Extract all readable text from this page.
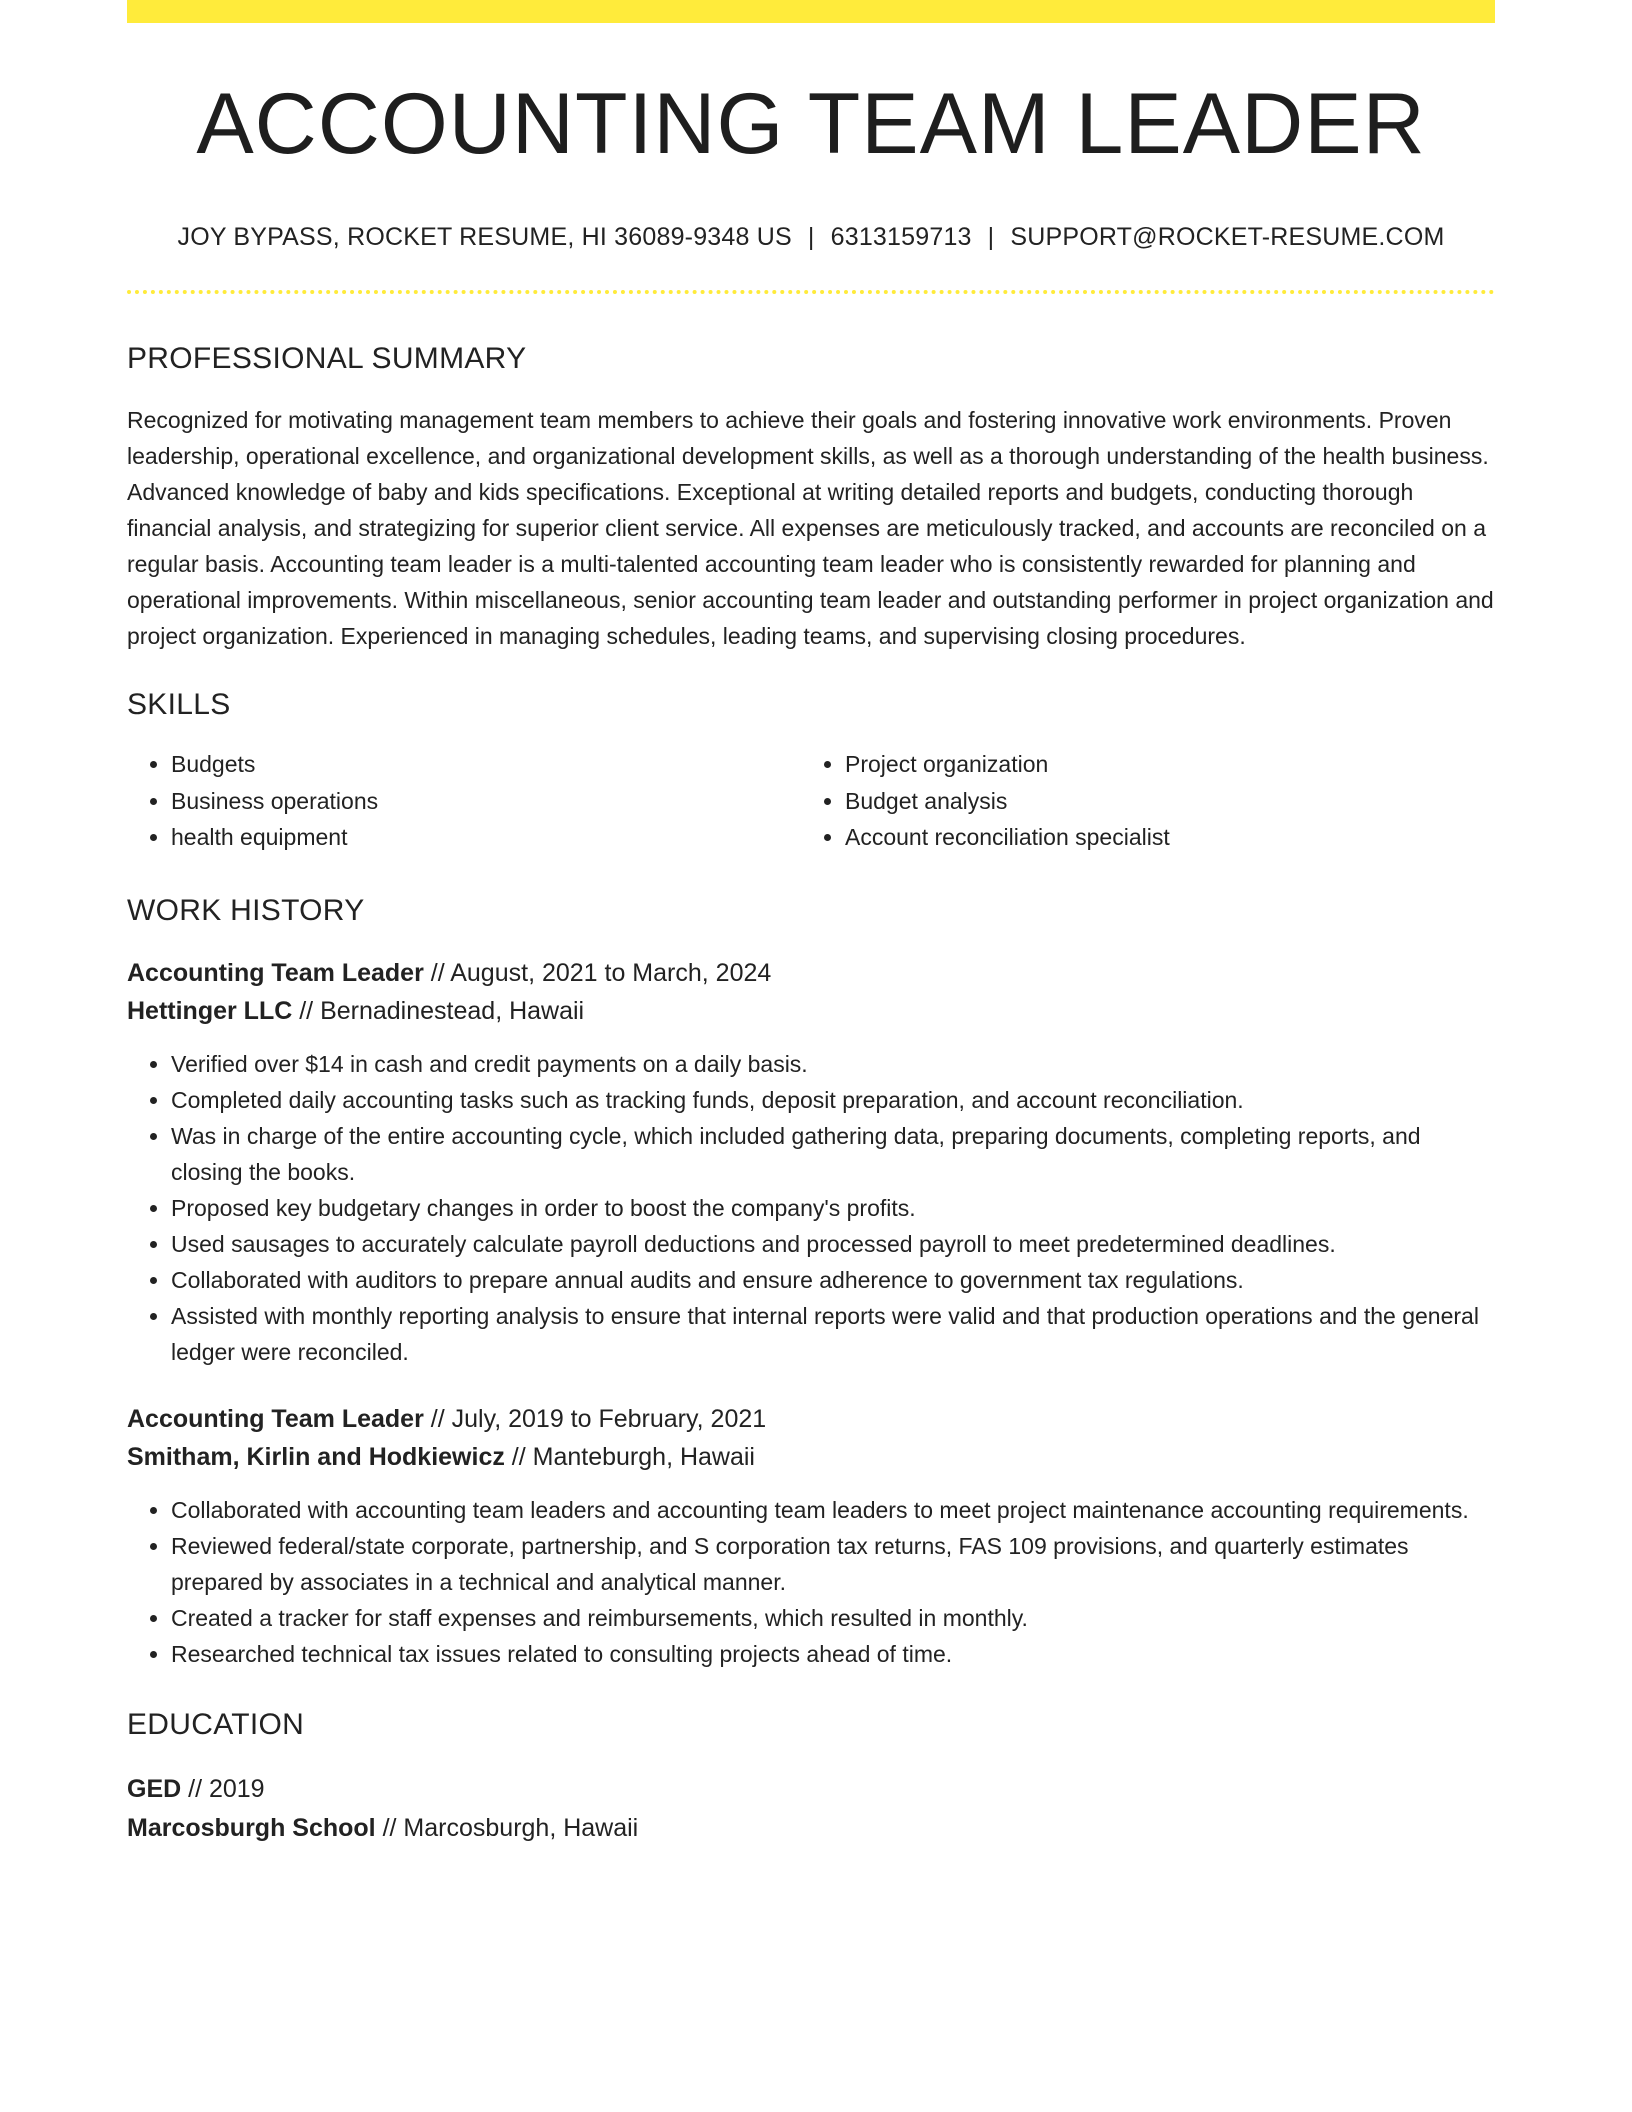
ACCOUNTING TEAM LEADER
JOY BYPASS, ROCKET RESUME, HI 36089-9348 US | 6313159713 | SUPPORT@ROCKET-RESUME.COM
PROFESSIONAL SUMMARY

Recognized for motivating management team members to achieve their goals and fostering innovative work environments. Proven leadership, operational excellence, and organizational development skills, as well as a thorough understanding of the health business. Advanced knowledge of baby and kids specifications. Exceptional at writing detailed reports and budgets, conducting thorough financial analysis, and strategizing for superior client service. All expenses are meticulously tracked, and accounts are reconciled on a regular basis. Accounting team leader is a multi-talented accounting team leader who is consistently rewarded for planning and operational improvements. Within miscellaneous, senior accounting team leader and outstanding performer in project organization and project organization. Experienced in managing schedules, leading teams, and supervising closing procedures.

SKILLS
• Budgets
• Business operations
• health equipment
• Project organization
• Budget analysis
• Account reconciliation specialist
WORK HISTORY
Accounting Team Leader // August, 2021 to March, 2024
Hettinger LLC // Bernadinestead, Hawaii
• Verified over $14 in cash and credit payments on a daily basis.
• Completed daily accounting tasks such as tracking funds, deposit preparation, and account reconciliation.
• Was in charge of the entire accounting cycle, which included gathering data, preparing documents, completing reports, and closing the books.
• Proposed key budgetary changes in order to boost the company's profits.
• Used sausages to accurately calculate payroll deductions and processed payroll to meet predetermined deadlines.
• Collaborated with auditors to prepare annual audits and ensure adherence to government tax regulations.
• Assisted with monthly reporting analysis to ensure that internal reports were valid and that production operations and the general ledger were reconciled.
Accounting Team Leader // July, 2019 to February, 2021
Smitham, Kirlin and Hodkiewicz // Manteburgh, Hawaii
• Collaborated with accounting team leaders and accounting team leaders to meet project maintenance accounting requirements.
• Reviewed federal/state corporate, partnership, and S corporation tax returns, FAS 109 provisions, and quarterly estimates prepared by associates in a technical and analytical manner.
• Created a tracker for staff expenses and reimbursements, which resulted in monthly.
• Researched technical tax issues related to consulting projects ahead of time.
EDUCATION
GED // 2019
Marcosburgh School // Marcosburgh, Hawaii
